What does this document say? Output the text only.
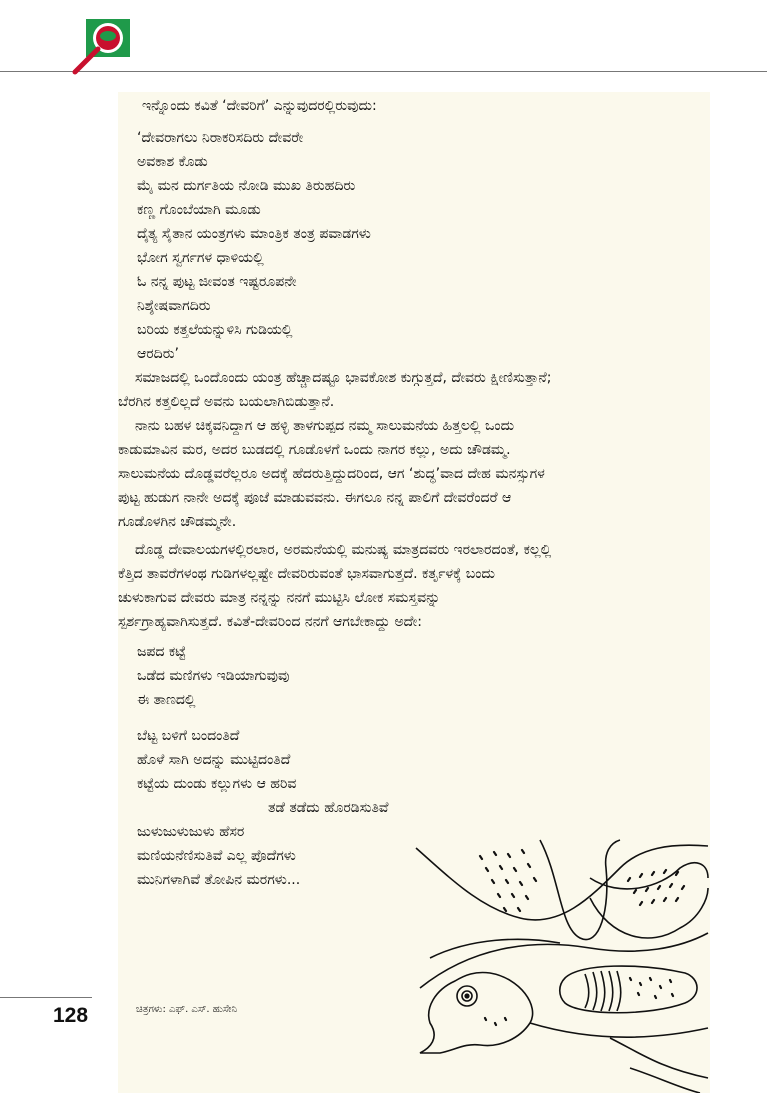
ಇನ್ನೊಂದು ಕವಿತೆ ‘ದೇವರಿಗೆ’ ಎನ್ನುವುದರಲ್ಲಿರುವುದು:
‘ದೇವರಾಗಲು ನಿರಾಕರಿಸದಿರು ದೇವರೇ
ಅವಕಾಶ ಕೊಡು
ಮೈ ಮನ ದುರ್ಗತಿಯ ನೋಡಿ ಮುಖ ತಿರುಹದಿರು
ಕಣ್ಣ ಗೊಂಬೆಯಾಗಿ ಮೂಡು
ದೈತ್ಯ ಸೈತಾನ ಯಂತ್ರಗಳು ಮಾಂತ್ರಿಕ ತಂತ್ರ ಪವಾಡಗಳು
ಭೋಗ ಸ್ವರ್ಗಗಳ ಧಾಳಿಯಲ್ಲಿ
ಓ ನನ್ನ ಪುಟ್ಟ ಜೀವಂತ ಇಷ್ಟರೂಪನೇ
ನಿಶ್ಶೇಷವಾಗದಿರು
ಬರಿಯ ಕತ್ತಲೆಯನ್ನುಳಿಸಿ ಗುಡಿಯಲ್ಲಿ
ಆರದಿರು’
ಸಮಾಜದಲ್ಲಿ ಒಂದೊಂದು ಯಂತ್ರ ಹೆಚ್ಚಾದಷ್ಟೂ ಭಾವಕೋಶ ಕುಗ್ಗುತ್ತದೆ, ದೇವರು ಕ್ಷೀಣಿಸುತ್ತಾನೆ;
ಬೆರಗಿನ ಕತ್ತಲಿಲ್ಲದೆ ಅವನು ಬಯಲಾಗಿಬಿಡುತ್ತಾನೆ.
ನಾನು ಬಹಳ ಚಿಕ್ಕವನಿದ್ದಾಗ ಆ ಹಳ್ಳಿ ತಾಳಗುಪ್ಪದ ನಮ್ಮ ಸಾಲುಮನೆಯ ಹಿತ್ತಲಲ್ಲಿ ಒಂದು
ಕಾಡುಮಾವಿನ ಮರ, ಅದರ ಬುಡದಲ್ಲಿ ಗೂಡೊಳಗೆ ಒಂದು ನಾಗರ ಕಲ್ಲು, ಅದು ಚೌಡಮ್ಮ.
ಸಾಲುಮನೆಯ ದೊಡ್ಡವರೆಲ್ಲರೂ ಅದಕ್ಕೆ ಹೆದರುತ್ತಿದ್ದುದರಿಂದ, ಆಗ ‘ಶುದ್ಧ’ವಾದ ದೇಹ ಮನಸ್ಸುಗಳ
ಪುಟ್ಟ ಹುಡುಗ ನಾನೇ ಅದಕ್ಕೆ ಪೂಜೆ ಮಾಡುವವನು. ಈಗಲೂ ನನ್ನ ಪಾಲಿಗೆ ದೇವರೆಂದರೆ ಆ
ಗೂಡೊಳಗಿನ ಚೌಡಮ್ಮನೇ.
ದೊಡ್ಡ ದೇವಾಲಯಗಳಲ್ಲಿರಲಾರ, ಅರಮನೆಯಲ್ಲಿ ಮನುಷ್ಯ ಮಾತ್ರದವರು ಇರಲಾರದಂತೆ, ಕಲ್ಲಲ್ಲಿ
ಕೆತ್ತಿದ ತಾವರೆಗಳಂಥ ಗುಡಿಗಳಲ್ಲಷ್ಟೇ ದೇವರಿರುವಂತೆ ಭಾಸವಾಗುತ್ತದೆ. ಕರ್ತೃಳಕ್ಕೆ ಬಂದು
ಚುಳುಕಾಗುವ ದೇವರು ಮಾತ್ರ ನನ್ನನ್ನು ನನಗೆ ಮುಟ್ಟಿಸಿ ಲೋಕ ಸಮಸ್ತವನ್ನು
ಸ್ಪರ್ಶಗ್ರಾಹ್ಯವಾಗಿಸುತ್ತದೆ. ಕವಿತೆ-ದೇವರಿಂದ ನನಗೆ ಆಗಬೇಕಾದ್ದು ಅದೇ:
ಜಪದ ಕಟ್ಟೆ
ಒಡೆದ ಮಣಿಗಳು ಇಡಿಯಾಗುವುವು
ಈ ತಾಣದಲ್ಲಿ
ಬೆಟ್ಟ ಬಳಿಗೆ ಬಂದಂತಿದೆ
ಹೊಳೆ ಸಾಗಿ ಅದನ್ನು ಮುಟ್ಟಿದಂತಿದೆ
ಕಟ್ಟೆಯ ದುಂಡು ಕಲ್ಲುಗಳು ಆ ಹರಿವ
ತಡೆ ತಡೆದು ಹೊರಡಿಸುತಿವೆ
ಜುಳುಜುಳುಜುಳು ಹೆಸರ
ಮಣಿಯನೆಣಿಸುತಿವೆ ಎಲ್ಲ ಪೊದೆಗಳು
ಮುನಿಗಳಾಗಿವೆ ತೋಪಿನ ಮರಗಳು...
ಚಿತ್ರಗಳು: ಎಫ್. ಎಸ್. ಹುಸೇನಿ
128
